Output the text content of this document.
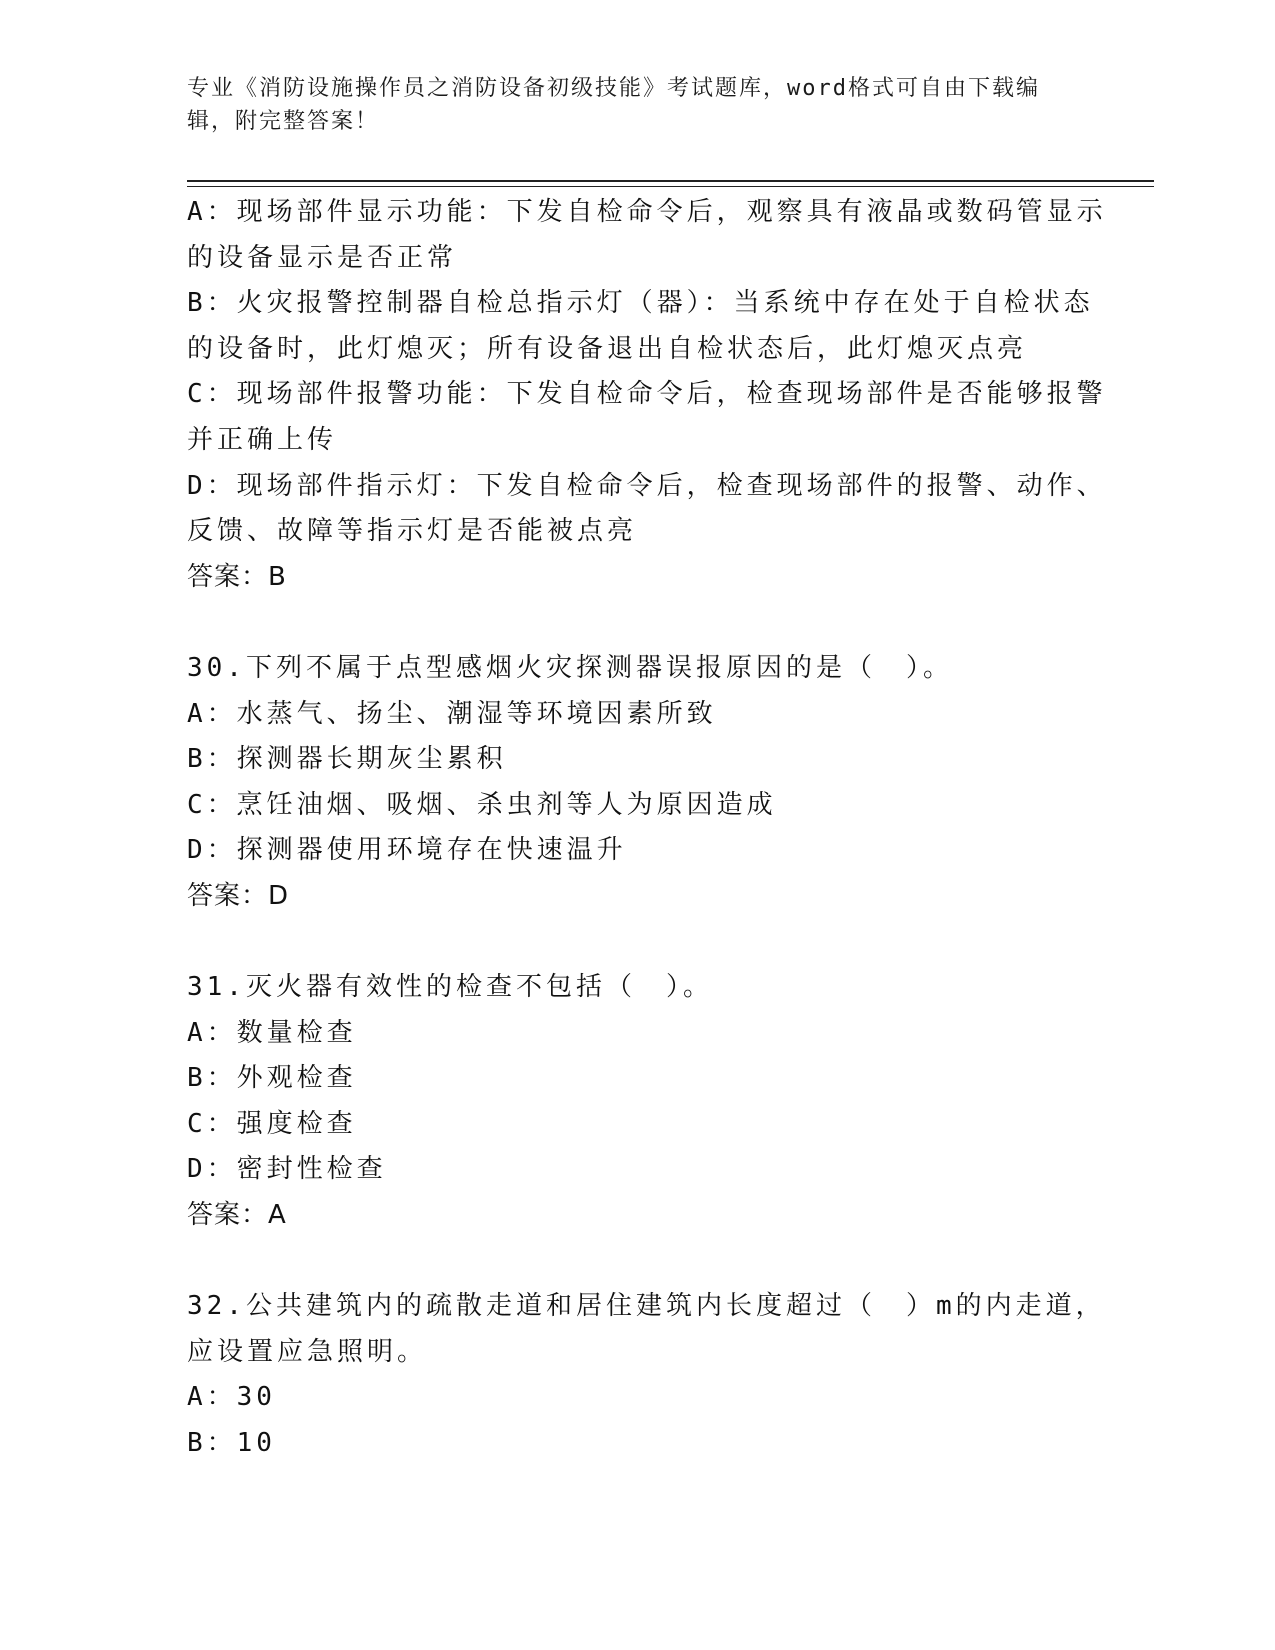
专业《消防设施操作员之消防设备初级技能》考试题库，word格式可自由下载编
辑，附完整答案！
A：现场部件显示功能：下发自检命令后，观察具有液晶或数码管显示
的设备显示是否正常
B：火灾报警控制器自检总指示灯（器）：当系统中存在处于自检状态
的设备时，此灯熄灭；所有设备退出自检状态后，此灯熄灭点亮
C：现场部件报警功能：下发自检命令后，检查现场部件是否能够报警
并正确上传
D：现场部件指示灯：下发自检命令后，检查现场部件的报警、动作、
反馈、故障等指示灯是否能被点亮
答案：B
30.下列不属于点型感烟火灾探测器误报原因的是（　）。
A：水蒸气、扬尘、潮湿等环境因素所致
B：探测器长期灰尘累积
C：烹饪油烟、吸烟、杀虫剂等人为原因造成
D：探测器使用环境存在快速温升
答案：D
31.灭火器有效性的检查不包括（　）。
A：数量检查
B：外观检查
C：强度检查
D：密封性检查
答案：A
32.公共建筑内的疏散走道和居住建筑内长度超过（　）m的内走道，
应设置应急照明。
A：30
B：10
